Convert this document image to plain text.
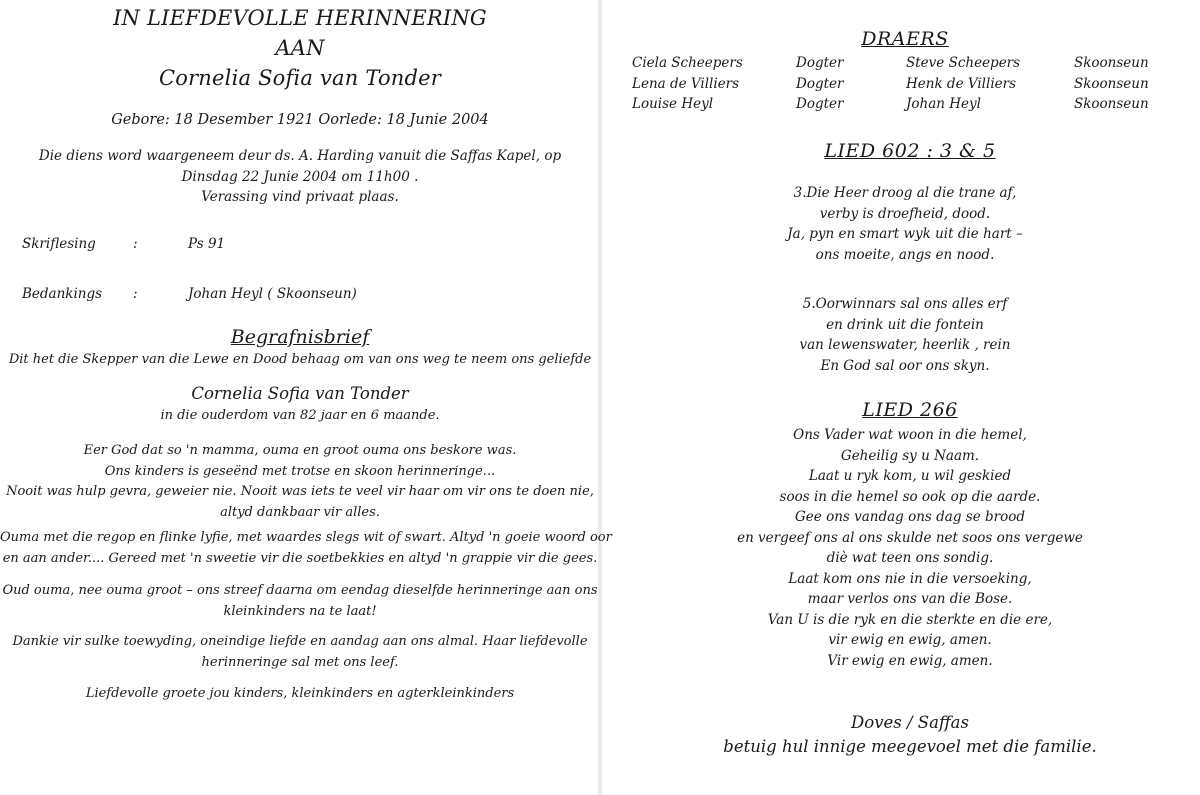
IN LIEFDEVOLLE HERINNERING
AAN
Cornelia Sofia van Tonder
Gebore: 18 Desember 1921 Oorlede: 18 Junie 2004
Die diens word waargeneem deur ds. A. Harding vanuit die Saffas Kapel, op
Dinsdag 22 Junie 2004 om 11h00 .
Verassing vind privaat plaas.
Skriflesing	:	Ps 91
Bedankings :	Johan Heyl ( Skoonseun)
Begrafnisbrief
Dit het die Skepper van die Lewe en Dood behaag om van ons weg te neem ons geliefde
Cornelia Sofia van Tonder
in die ouderdom van 82 jaar en 6 maande.
Eer God dat so 'n mamma, ouma en groot ouma ons beskore was.
Ons kinders is geseënd met trotse en skoon herinneringe...
Nooit was hulp gevra, geweier nie. Nooit was iets te veel vir haar om vir ons te doen nie,
altyd dankbaar vir alles.
Ouma met die regop en flinke lyfie, met waardes slegs wit of swart. Altyd 'n goeie woord oor
en aan ander.... Gereed met 'n sweetie vir die soetbekkies en altyd 'n grappie vir die gees.
Oud ouma, nee ouma groot – ons streef daarna om eendag dieselfde herinneringe aan ons
kleinkinders na te laat!
Dankie vir sulke toewyding, oneindige liefde en aandag aan ons almal. Haar liefdevolle
herinneringe sal met ons leef.
Liefdevolle groete jou kinders, kleinkinders en agterkleinkinders
DRAERS
Ciela Scheepers	Dogter	Steve Scheepers	Skoonseun
Lena de Villiers	Dogter	Henk de Villiers	Skoonseun
Louise Heyl	Dogter	Johan Heyl	Skoonseun
LIED 602 : 3 & 5
3.Die Heer droog al die trane af,
verby is droefheid, dood.
Ja, pyn en smart wyk uit die hart –
ons moeite, angs en nood.
5.Oorwinnars sal ons alles erf
en drink uit die fontein
van lewenswater, heerlik , rein
En God sal oor ons skyn.
LIED 266
Ons Vader wat woon in die hemel,
Geheilig sy u Naam.
Laat u ryk kom, u wil geskied
soos in die hemel so ook op die aarde.
Gee ons vandag ons dag se brood
en vergeef ons al ons skulde net soos ons vergewe
diè wat teen ons sondig.
Laat kom ons nie in die versoeking,
maar verlos ons van die Bose.
Van U is die ryk en die sterkte en die ere,
vir ewig en ewig, amen.
Vir ewig en ewig, amen.
Doves / Saffas
betuig hul innige meegevoel met die familie.
